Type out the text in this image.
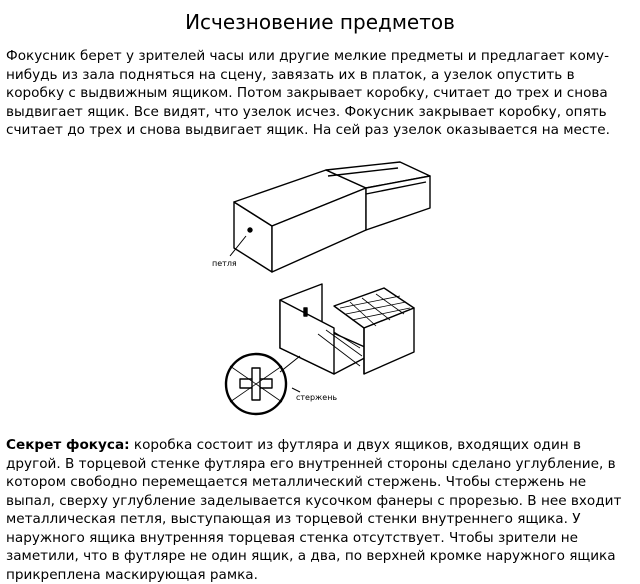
Исчезновение предметов
Фокусник берет у зрителей часы или другие мелкие предметы и предлагает кому-нибудь из зала подняться на сцену, завязать их в платок, а узелок опустить в коробку с выдвижным ящиком. Потом закрывает коробку, считает до трех и снова выдвигает ящик. Все видят, что узелок исчез. Фокусник закрывает коробку, опять считает до трех и снова выдвигает ящик. На сей раз узелок оказывается на месте.
петля
стержень
Секрет фокуса: коробка состоит из футляра и двух ящиков, входящих один в другой. В торцевой стенке футляра его внутренней стороны сделано углубление, в котором свободно перемещается металлический стержень. Чтобы стержень не выпал, сверху углубление заделывается кусочком фанеры с прорезью. В нее входит металлическая петля, выступающая из торцевой стенки внутреннего ящика. У наружного ящика внутренняя торцевая стенка отсутствует. Чтобы зрители не заметили, что в футляре не один ящик, а два, по верхней кромке наружного ящика прикреплена маскирующая рамка.
